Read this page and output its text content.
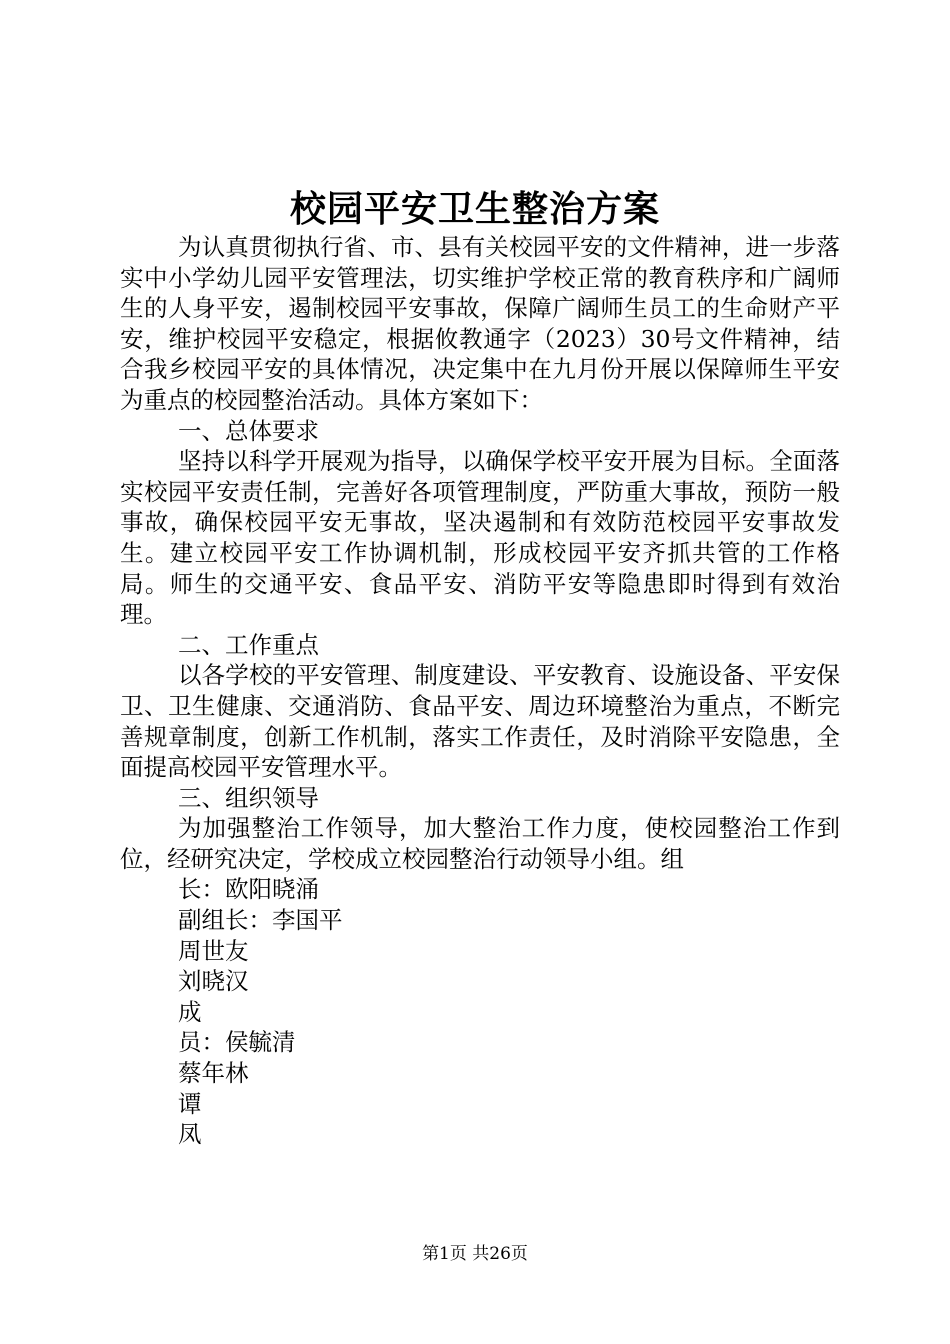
校园平安卫生整治方案

为认真贯彻执行省、市、县有关校园平安的文件精神，进一步落实中小学幼儿园平安管理法，切实维护学校正常的教育秩序和广阔师生的人身平安，遏制校园平安事故，保障广阔师生员工的生命财产平安，维护校园平安稳定，根据攸教通字（2023）30号文件精神，结合我乡校园平安的具体情况，决定集中在九月份开展以保障师生平安为重点的校园整治活动。具体方案如下：

一、总体要求

坚持以科学开展观为指导，以确保学校平安开展为目标。全面落实校园平安责任制，完善好各项管理制度，严防重大事故，预防一般事故，确保校园平安无事故，坚决遏制和有效防范校园平安事故发生。建立校园平安工作协调机制，形成校园平安齐抓共管的工作格局。师生的交通平安、食品平安、消防平安等隐患即时得到有效治理。

二、工作重点

以各学校的平安管理、制度建设、平安教育、设施设备、平安保卫、卫生健康、交通消防、食品平安、周边环境整治为重点，不断完善规章制度，创新工作机制，落实工作责任，及时消除平安隐患，全面提高校园平安管理水平。

三、组织领导

为加强整治工作领导，加大整治工作力度，使校园整治工作到位，经研究决定，学校成立校园整治行动领导小组。组

长：欧阳晓涌

副组长：李国平

周世友

刘晓汉

成

员：侯毓清

蔡年林

谭

凤

第1页 共26页
